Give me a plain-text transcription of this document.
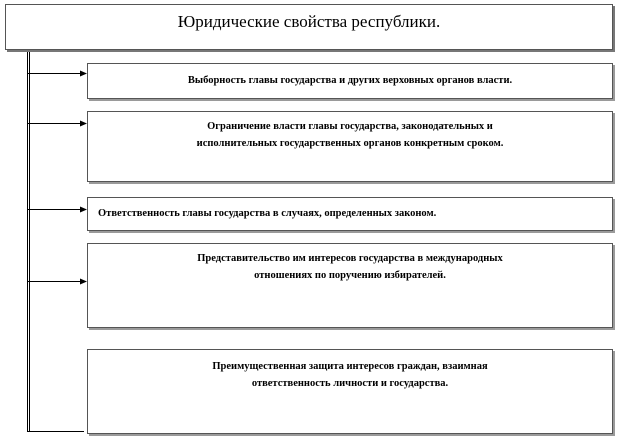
Юридические свойства республики.
Выборность главы государства и других верховных органов власти.
Ограничение власти главы государства, законодательных и
исполнительных государственных органов конкретным сроком.
Ответственность главы государства в случаях, определенных законом.
Представительство им интересов государства в международных
отношениях по поручению избирателей.
Преимущественная защита интересов граждан, взаимная
ответственность личности и государства.
